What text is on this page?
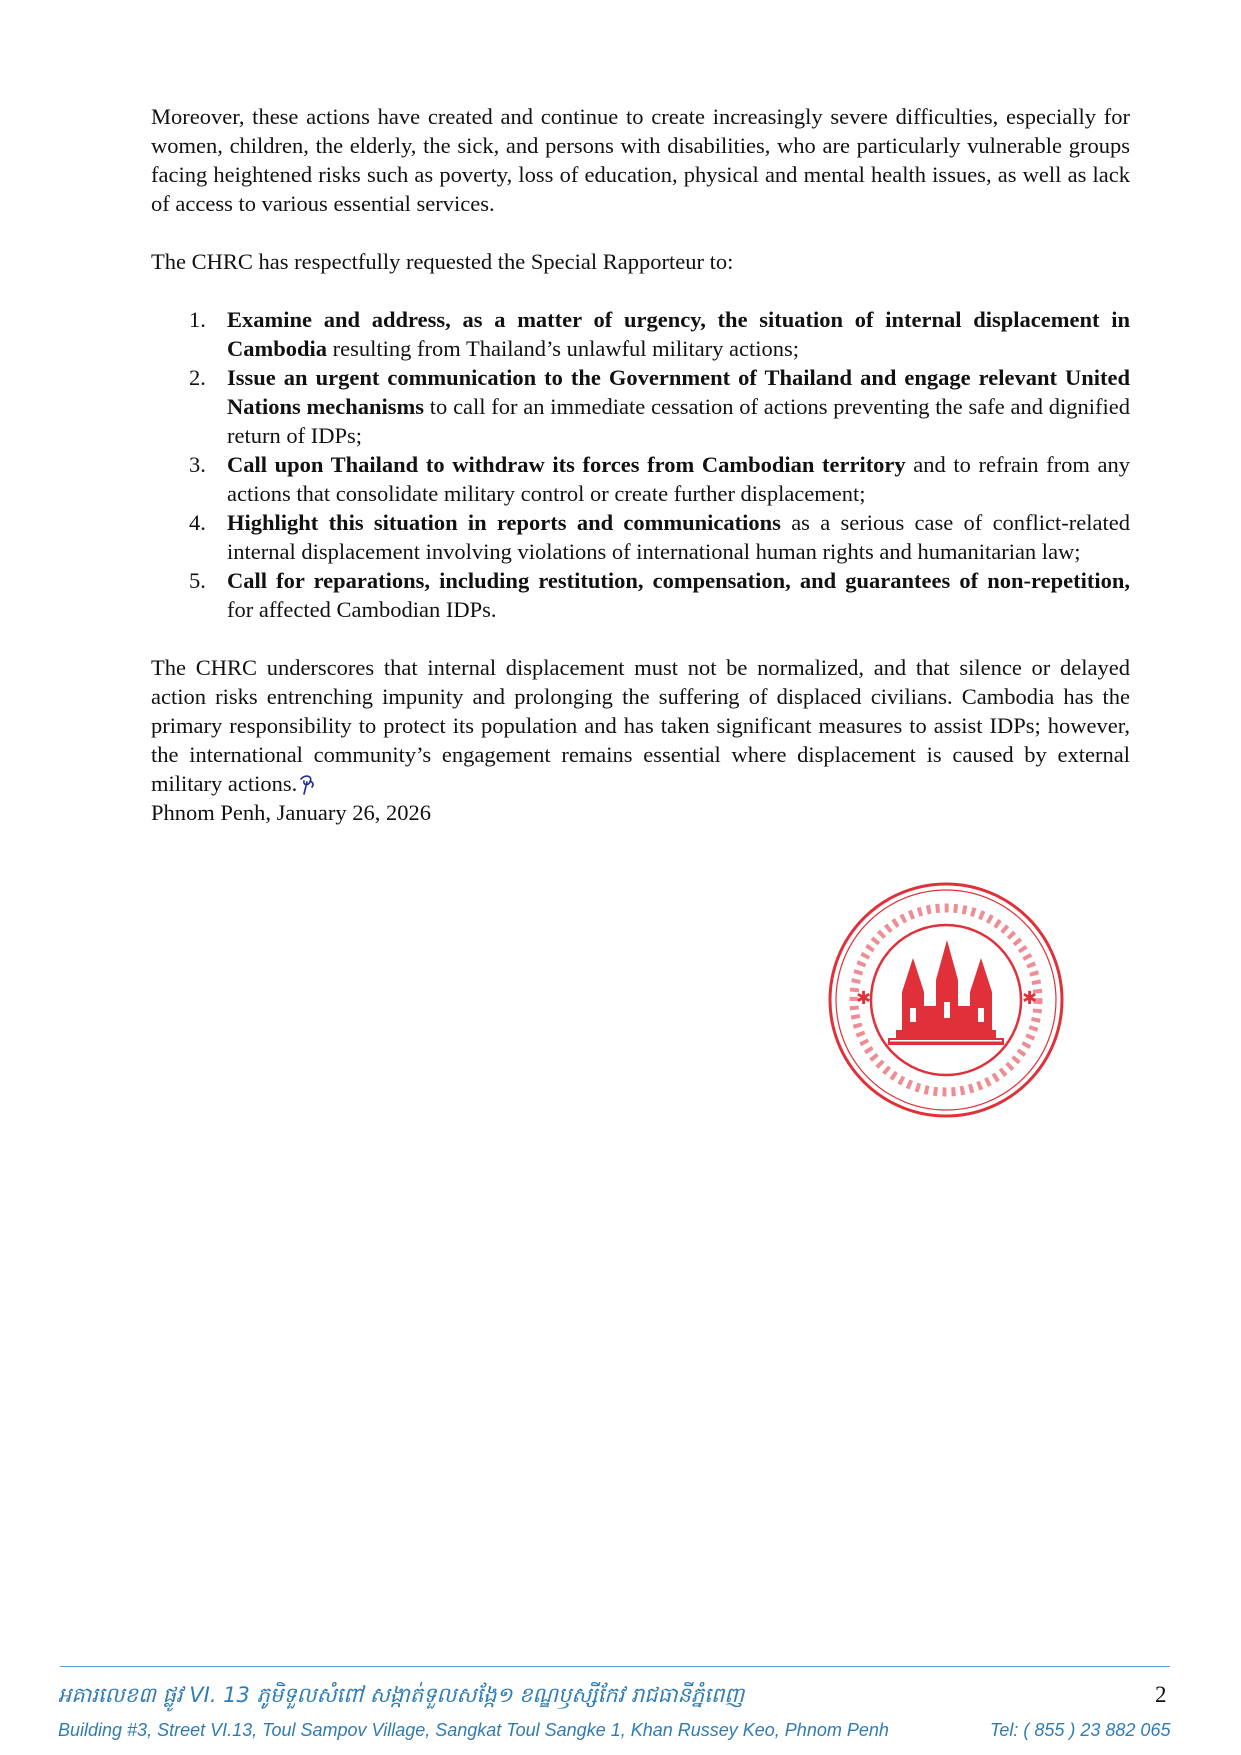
Moreover, these actions have created and continue to create increasingly severe difficulties, especially for women, children, the elderly, the sick, and persons with disabilities, who are particularly vulnerable groups facing heightened risks such as poverty, loss of education, physical and mental health issues, as well as lack of access to various essential services.

The CHRC has respectfully requested the Special Rapporteur to:

1. Examine and address, as a matter of urgency, the situation of internal displacement in Cambodia resulting from Thailand’s unlawful military actions;
2. Issue an urgent communication to the Government of Thailand and engage relevant United Nations mechanisms to call for an immediate cessation of actions preventing the safe and dignified return of IDPs;
3. Call upon Thailand to withdraw its forces from Cambodian territory and to refrain from any actions that consolidate military control or create further displacement;
4. Highlight this situation in reports and communications as a serious case of conflict-related internal displacement involving violations of international human rights and humanitarian law;
5. Call for reparations, including restitution, compensation, and guarantees of non-repetition, for affected Cambodian IDPs.

The CHRC underscores that internal displacement must not be normalized, and that silence or delayed action risks entrenching impunity and prolonging the suffering of displaced civilians. Cambodia has the primary responsibility to protect its population and has taken significant measures to assist IDPs; however, the international community’s engagement remains essential where displacement is caused by external military actions.

Phnom Penh, January 26, 2026

✱	✱
អគារលេខ៣ ផ្លូវ VI. 13 ភូមិទួលសំពៅ សង្កាត់ទួលសង្កែ១ ខណ្ឌឫស្សីកែវ រាជធានីភ្នំពេញ	2
Building #3, Street VI.13, Toul Sampov Village, Sangkat Toul Sangke 1, Khan Russey Keo, Phnom Penh	Tel: ( 855 ) 23 882 065
